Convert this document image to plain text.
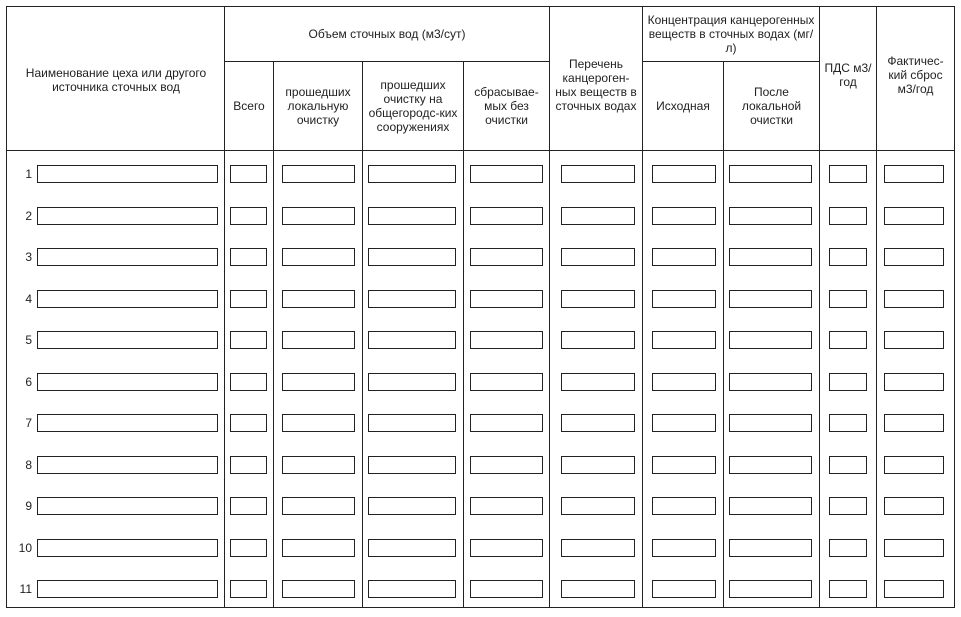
Наименование цеха или другого источника сточных вод
Объем сточных вод (м3/сут)
Всего
прошедших локальную очистку
прошедших очистку на общегородс-ких сооружениях
сбрасывае-мых без очистки
Перечень канцероген-ных веществ в сточных водах
Концентрация канцерогенных веществ в сточных водах (мг/л)
Исходная
После локальной очистки
ПДС м3/год
Фактичес-кий сброс м3/год
1
2
3
4
5
6
7
8
9
10
11
